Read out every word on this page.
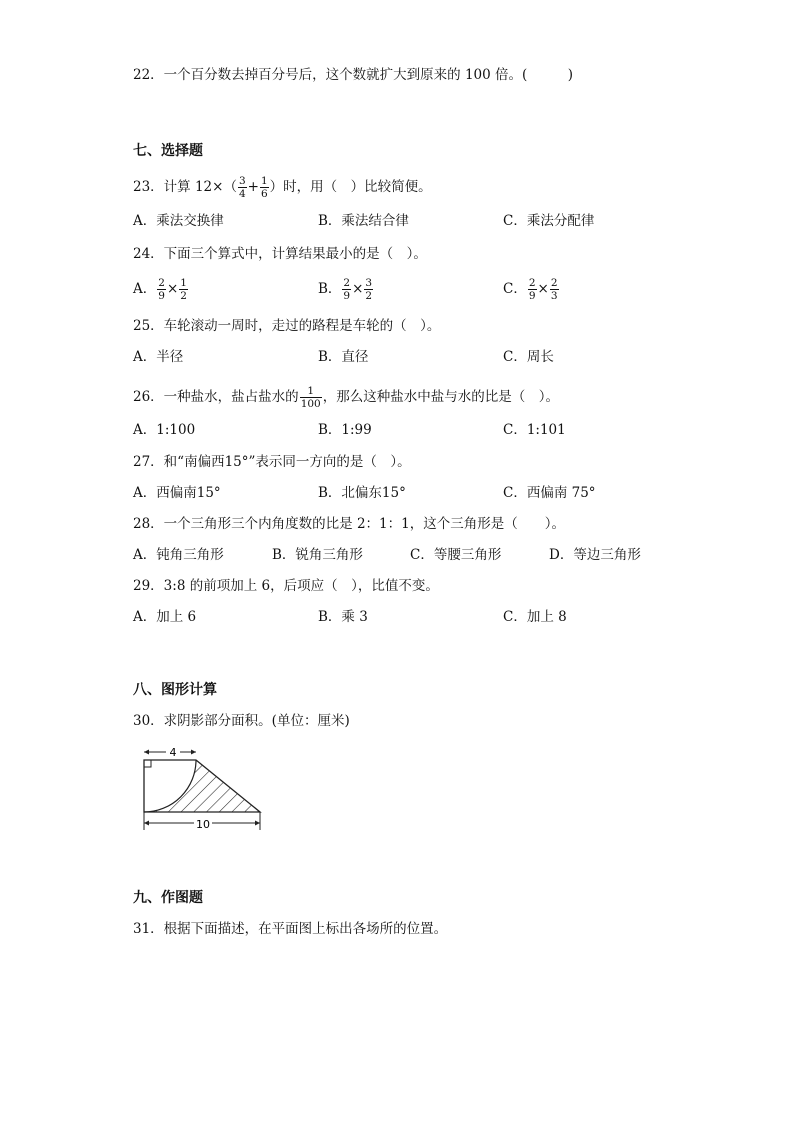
22．一个百分数去掉百分号后，这个数就扩大到原来的 100 倍。(　　　)
七、选择题
23．计算 $12\times( \frac{3}{4} + \frac{1}{6}$ ）时，用（　）比较简便。
A．乘法交换律	B．乘法结合律	C．乘法分配律
24．下面三个算式中，计算结果最小的是（　）。
A． $\frac{2}{9} \times \frac{1}{2}$	B． $\frac{2}{9} \times \frac{3}{2}$	C． $\frac{2}{9} \times \frac{2}{3}$
25．车轮滚动一周时，走过的路程是车轮的（　）。
A．半径	B．直径	C．周长
26．一种盐水，盐占盐水的 $\frac{1}{100}$ ，那么这种盐水中盐与水的比是（　）。
A．1:100	B．1:99	C．1:101
27．和“南偏西15°”表示同一方向的是（　）。
A．西偏南15°	B．北偏东15°	C．西偏南 75°
28．一个三角形三个内角度数的比是 2：1：1，这个三角形是（　　）。
A．钝角三角形	B．锐角三角形	C．等腰三角形	D．等边三角形
29．3:8 的前项加上 6，后项应（　），比值不变。
A．加上 6	B．乘 3	C．加上 8
八、图形计算
30．求阴影部分面积。(单位：厘米)
4
10
九、作图题
31．根据下面描述，在平面图上标出各场所的位置。
